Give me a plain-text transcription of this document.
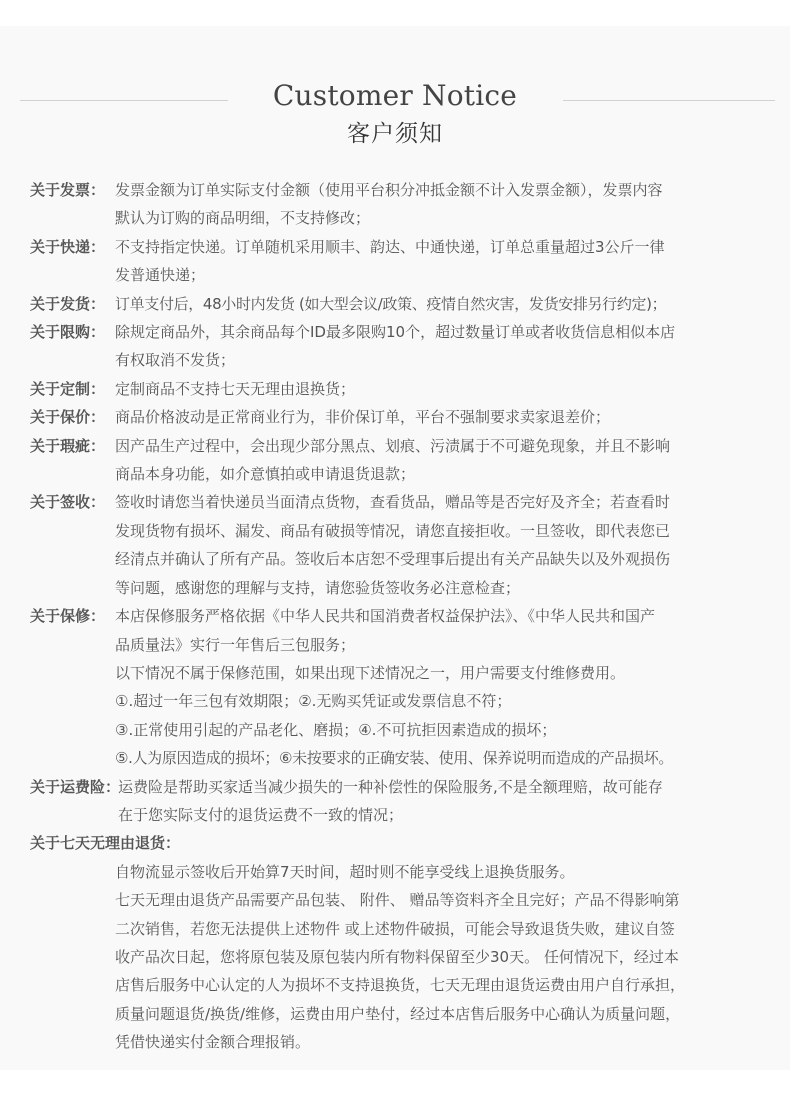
Customer Notice
客户须知
关于发票： 发票金额为订单实际支付金额（使用平台积分冲抵金额不计入发票金额），发票内容
默认为订购的商品明细，不支持修改；
关于快递： 不支持指定快递。订单随机采用顺丰、韵达、中通快递，订单总重量超过3公斤一律
发普通快递；
关于发货： 订单支付后，48小时内发货 (如大型会议/政策、疫情自然灾害，发货安排另行约定)；
关于限购： 除规定商品外，其余商品每个ID最多限购10个，超过数量订单或者收货信息相似本店
有权取消不发货；
关于定制： 定制商品不支持七天无理由退换货；
关于保价： 商品价格波动是正常商业行为，非价保订单，平台不强制要求卖家退差价；
关于瑕疵： 因产品生产过程中，会出现少部分黑点、划痕、污渍属于不可避免现象，并且不影响
商品本身功能，如介意慎拍或申请退货退款；
关于签收： 签收时请您当着快递员当面清点货物，查看货品，赠品等是否完好及齐全；若查看时
发现货物有损坏、漏发、商品有破损等情况，请您直接拒收。一旦签收，即代表您已
经清点并确认了所有产品。签收后本店恕不受理事后提出有关产品缺失以及外观损伤
等问题，感谢您的理解与支持，请您验货签收务必注意检查；
关于保修： 本店保修服务严格依据《中华人民共和国消费者权益保护法》、《中华人民共和国产
品质量法》实行一年售后三包服务；
以下情况不属于保修范围，如果出现下述情况之一，用户需要支付维修费用。
①.超过一年三包有效期限；②.无购买凭证或发票信息不符；
③.正常使用引起的产品老化、磨损；④.不可抗拒因素造成的损坏；
⑤.人为原因造成的损坏；⑥未按要求的正确安装、使用、保养说明而造成的产品损坏。
关于运费险：
运费险是帮助买家适当减少损失的一种补偿性的保险服务,不是全额理赔，故可能存
在于您实际支付的退货运费不一致的情况；
关于七天无理由退货：
自物流显示签收后开始算7天时间，超时则不能享受线上退换货服务。
七天无理由退货产品需要产品包装、 附件、 赠品等资料齐全且完好；产品不得影响第
二次销售，若您无法提供上述物件 或上述物件破损，可能会导致退货失败，建议自签
收产品次日起，您将原包装及原包装内所有物料保留至少30天。 任何情况下，经过本
店售后服务中心认定的人为损坏不支持退换货，七天无理由退货运费由用户自行承担，
质量问题退货/换货/维修，运费由用户垫付，经过本店售后服务中心确认为质量问题，
凭借快递实付金额合理报销。
